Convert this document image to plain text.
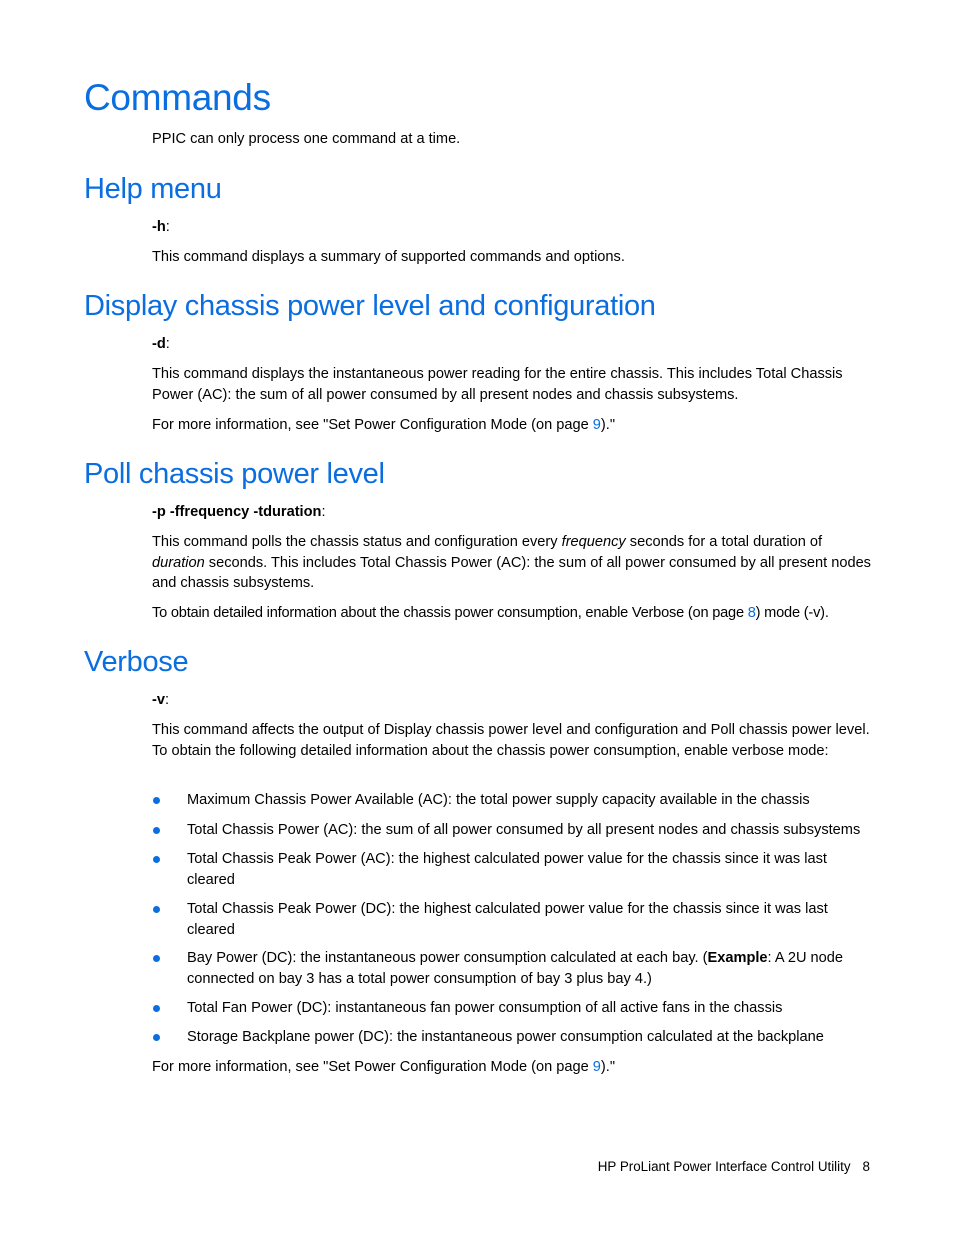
Commands

PPIC can only process one command at a time.

Help menu

-h:

This command displays a summary of supported commands and options.

Display chassis power level and configuration

-d:

This command displays the instantaneous power reading for the entire chassis. This includes Total Chassis Power (AC): the sum of all power consumed by all present nodes and chassis subsystems.

For more information, see "Set Power Configuration Mode (on page 9)."

Poll chassis power level

-p -ffrequency -tduration:

This command polls the chassis status and configuration every frequency seconds for a total duration of duration seconds. This includes Total Chassis Power (AC): the sum of all power consumed by all present nodes and chassis subsystems.

To obtain detailed information about the chassis power consumption, enable Verbose (on page 8) mode (-v).

Verbose

-v:

This command affects the output of Display chassis power level and configuration and Poll chassis power level. To obtain the following detailed information about the chassis power consumption, enable verbose mode:

Maximum Chassis Power Available (AC): the total power supply capacity available in the chassis
Total Chassis Power (AC): the sum of all power consumed by all present nodes and chassis subsystems
Total Chassis Peak Power (AC): the highest calculated power value for the chassis since it was last cleared
Total Chassis Peak Power (DC): the highest calculated power value for the chassis since it was last cleared
Bay Power (DC): the instantaneous power consumption calculated at each bay. (Example: A 2U node connected on bay 3 has a total power consumption of bay 3 plus bay 4.)
Total Fan Power (DC): instantaneous fan power consumption of all active fans in the chassis
Storage Backplane power (DC): the instantaneous power consumption calculated at the backplane

For more information, see "Set Power Configuration Mode (on page 9)."

HP ProLiant Power Interface Control Utility 8
